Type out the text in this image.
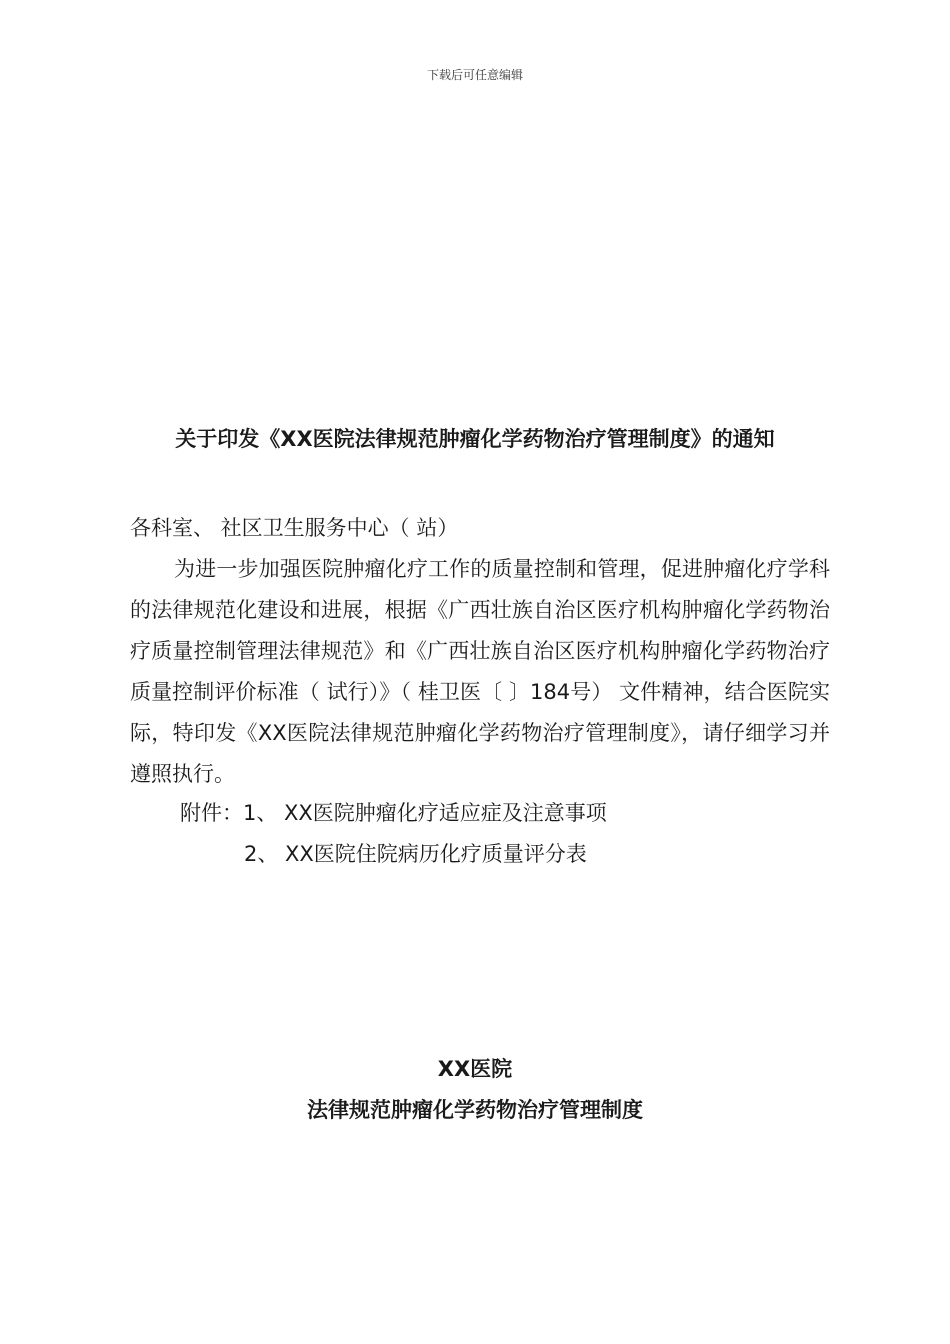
下载后可任意编辑
关于印发《XX医院法律规范肿瘤化学药物治疗管理制度》的通知
各科室、 社区卫生服务中心（ 站）
为进一步加强医院肿瘤化疗工作的质量控制和管理，促进肿瘤化疗学科的法律规范化建设和进展，根据《广西壮族自治区医疗机构肿瘤化学药物治疗质量控制管理法律规范》和《广西壮族自治区医疗机构肿瘤化学药物治疗质量控制评价标准（ 试行）》（ 桂卫医〔 〕184号） 文件精神，结合医院实际，特印发《XX医院法律规范肿瘤化学药物治疗管理制度》，请仔细学习并遵照执行。
附件：1、 XX医院肿瘤化疗适应症及注意事项
2、 XX医院住院病历化疗质量评分表
XX医院
法律规范肿瘤化学药物治疗管理制度
